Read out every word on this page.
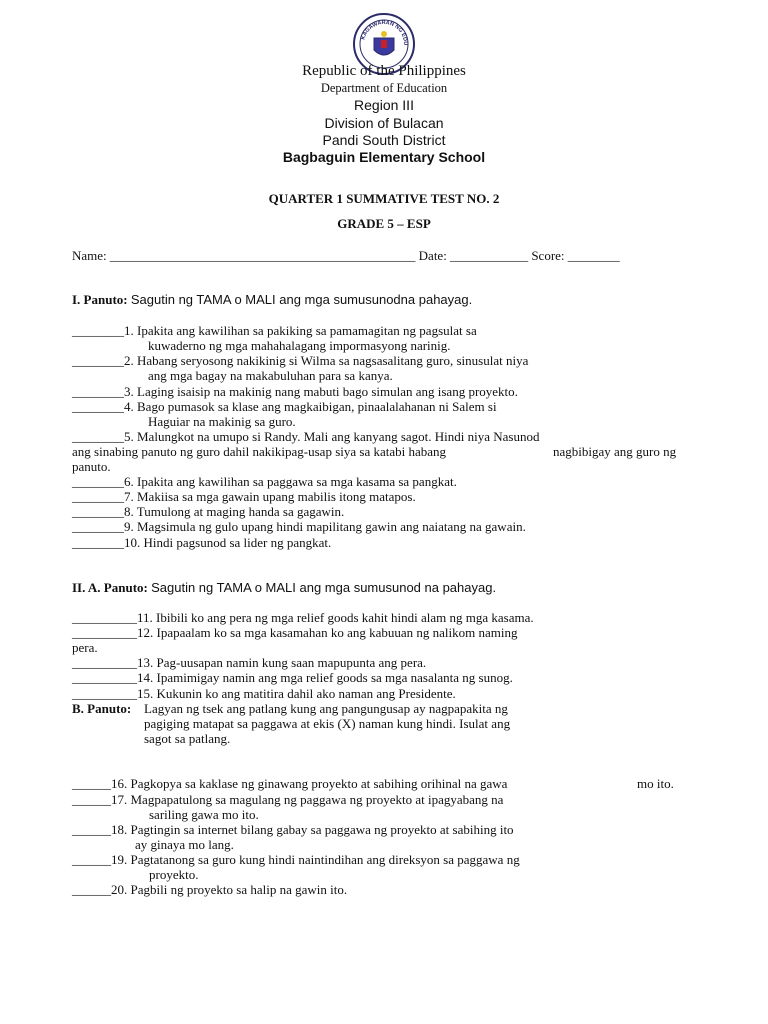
KAGAWARAN NG EDU
Republic of the Philippines
Department of Education
Region III
Division of Bulacan
Pandi South District
Bagbaguin Elementary School
QUARTER 1 SUMMATIVE TEST NO. 2
GRADE 5 – ESP
Name: _______________________________________________ Date: ____________ Score: ________
I. Panuto: Sagutin ng TAMA o MALI ang mga sumusunodna pahayag.
________1. Ipakita ang kawilihan sa pakiking sa pamamagitan ng pagsulat sa
kuwaderno ng mga mahahalagang impormasyong narinig.
________2. Habang seryosong nakikinig si Wilma sa nagsasalitang guro, sinusulat niya
ang mga bagay na makabuluhan para sa kanya.
________3. Laging isaisip na makinig nang mabuti bago simulan ang isang proyekto.
________4. Bago pumasok sa klase ang magkaibigan, pinaalalahanan ni Salem si
Haguiar na makinig sa guro.
________5. Malungkot na umupo si Randy. Mali ang kanyang sagot. Hindi niya Nasunod
ang sinabing panuto ng guro dahil nakikipag-usap siya sa katabi habang	nagbibigay ang guro ng
panuto.
________6. Ipakita ang kawilihan sa paggawa sa mga kasama sa pangkat.
________7. Makiisa sa mga gawain upang mabilis itong matapos.
________8. Tumulong at maging handa sa gagawin.
________9. Magsimula ng gulo upang hindi mapilitang gawin ang naiatang na gawain.
________10. Hindi pagsunod sa lider ng pangkat.
II. A. Panuto: Sagutin ng TAMA o MALI ang mga sumusunod na pahayag.
__________11. Ibibili ko ang pera ng mga relief goods kahit hindi alam ng mga kasama.
__________12. Ipapaalam ko sa mga kasamahan ko ang kabuuan ng nalikom naming
pera.
__________13. Pag-uusapan namin kung saan mapupunta ang pera.
__________14. Ipamimigay namin ang mga relief goods sa mga nasalanta ng sunog.
__________15. Kukunin ko ang matitira dahil ako naman ang Presidente.
B. Panuto: Lagyan ng tsek ang patlang kung ang pangungusap ay nagpapakita ng
pagiging matapat sa paggawa at ekis (X) naman kung hindi. Isulat ang
sagot sa patlang.
______16. Pagkopya sa kaklase ng ginawang proyekto at sabihing orihinal na gawa	mo ito.
______17. Magpapatulong sa magulang ng paggawa ng proyekto at ipagyabang na
sariling gawa mo ito.
______18. Pagtingin sa internet bilang gabay sa paggawa ng proyekto at sabihing ito
ay ginaya mo lang.
______19. Pagtatanong sa guro kung hindi naintindihan ang direksyon sa paggawa ng
proyekto.
______20. Pagbili ng proyekto sa halip na gawin ito.
